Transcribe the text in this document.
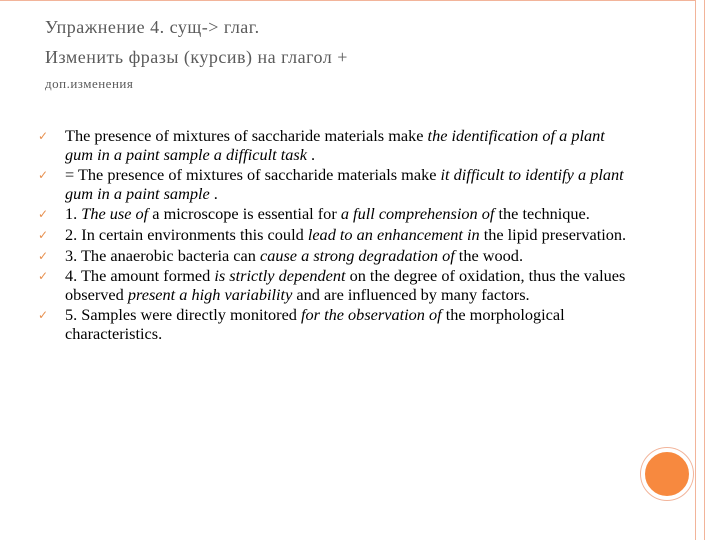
Упражнение 4. сущ-> глаг.
Изменить фразы (курсив) на глагол +
доп.изменения
✓ The presence of mixtures of saccharide materials make the identification of a plant gum in a paint sample a difficult task .
✓ = The presence of mixtures of saccharide materials make it difficult to identify a plant gum in a paint sample .
✓ 1. The use of a microscope is essential for a full comprehension of the technique.
✓ 2. In certain environments this could lead to an enhancement in the lipid preservation.
✓ 3. The anaerobic bacteria can cause a strong degradation of the wood.
✓ 4. The amount formed is strictly dependent on the degree of oxidation, thus the values observed present a high variability and are influenced by many factors.
✓ 5. Samples were directly monitored for the observation of the morphological characteristics.
